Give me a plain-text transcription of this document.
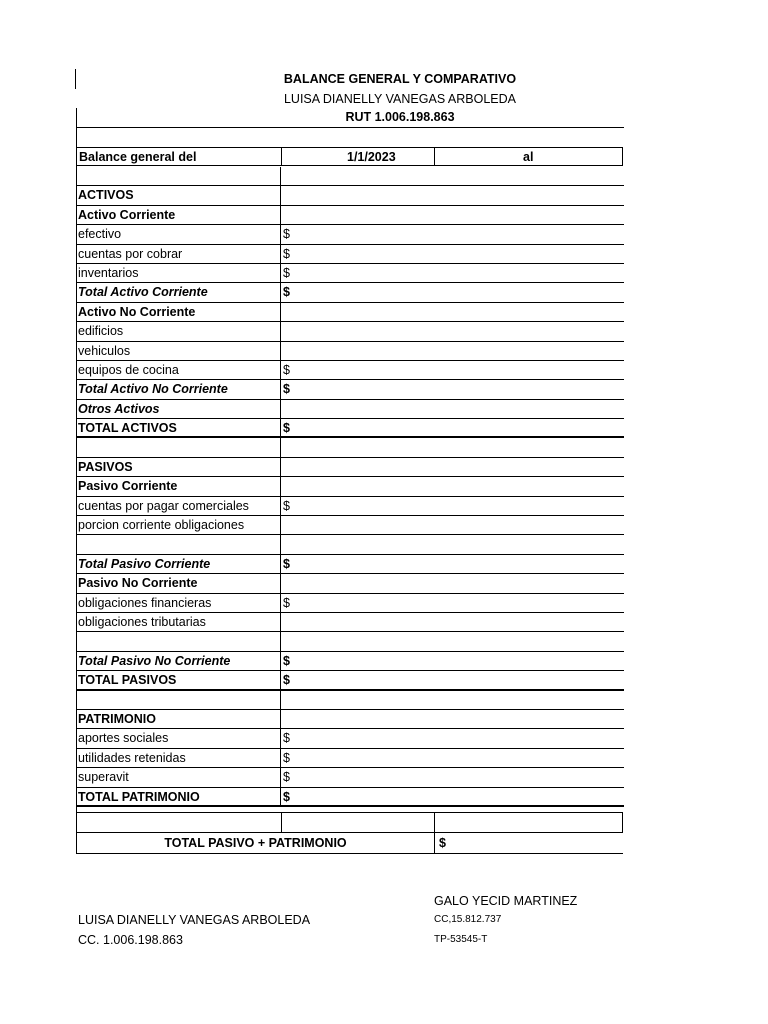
BALANCE GENERAL Y COMPARATIVO
LUISA DIANELLY VANEGAS ARBOLEDA
RUT 1.006.198.863
Balance general del	1/1/2023	al
ACTIVOS
Activo Corriente
efectivo	$
cuentas por cobrar	$
inventarios	$
Total Activo Corriente	$
Activo No Corriente
edificios
vehiculos
equipos de cocina	$
Total Activo No Corriente	$
Otros Activos
TOTAL ACTIVOS	$
PASIVOS
Pasivo Corriente
cuentas por pagar comerciales	$
porcion corriente obligaciones
Total Pasivo Corriente	$
Pasivo No Corriente
obligaciones financieras	$
obligaciones tributarias
Total Pasivo No Corriente	$
TOTAL PASIVOS	$
PATRIMONIO
aportes sociales	$
utilidades retenidas	$
superavit	$
TOTAL PATRIMONIO	$
TOTAL PASIVO + PATRIMONIO	$
GALO YECID MARTINEZ
CC,15.812.737
TP-53545-T
LUISA DIANELLY VANEGAS ARBOLEDA
CC. 1.006.198.863
